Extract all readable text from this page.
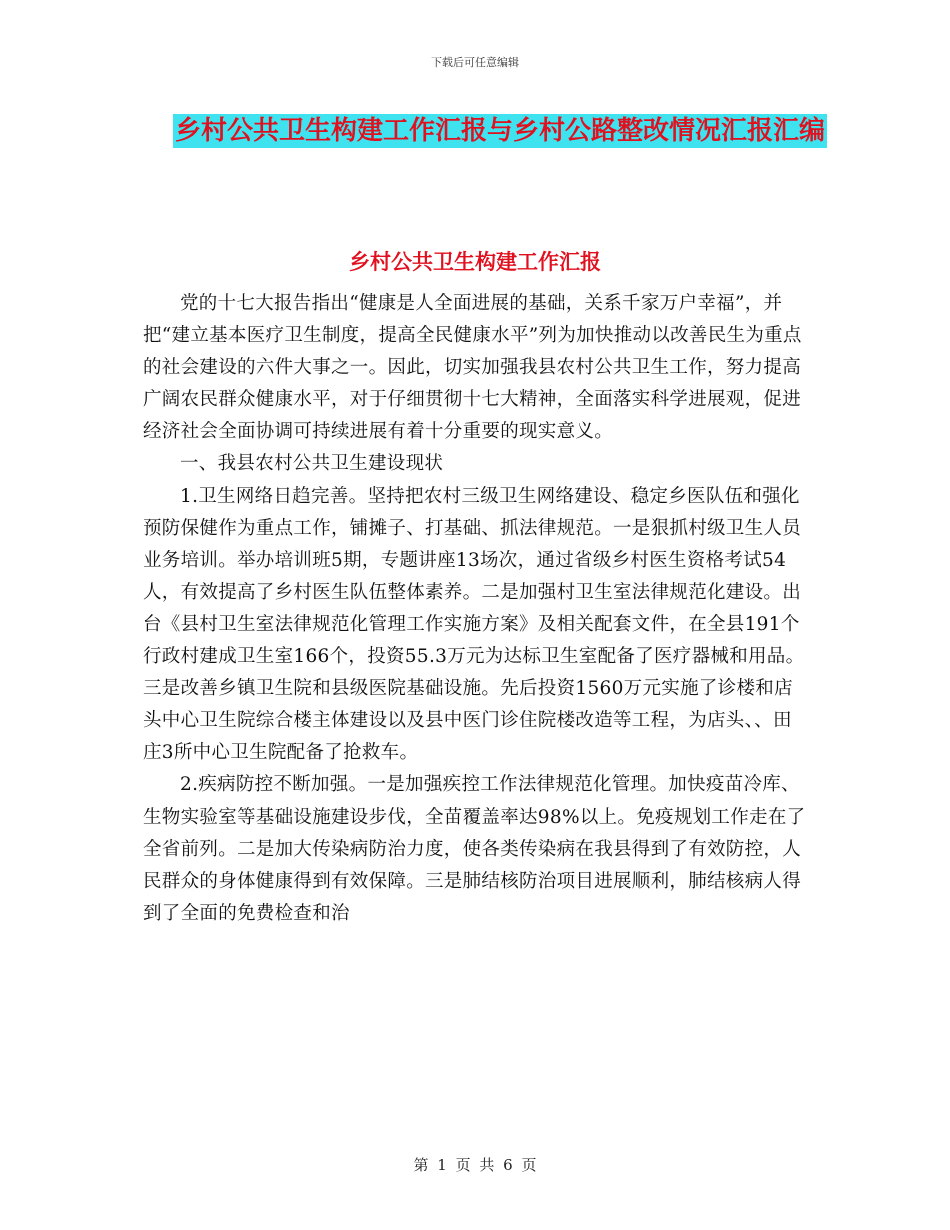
下载后可任意编辑
乡村公共卫生构建工作汇报与乡村公路整改情况汇报汇编
乡村公共卫生构建工作汇报

党的十七大报告指出“健康是人全面进展的基础，关系千家万户幸福”，并把“建立基本医疗卫生制度，提高全民健康水平”列为加快推动以改善民生为重点的社会建设的六件大事之一。因此，切实加强我县农村公共卫生工作，努力提高广阔农民群众健康水平，对于仔细贯彻十七大精神，全面落实科学进展观，促进经济社会全面协调可持续进展有着十分重要的现实意义。

一、我县农村公共卫生建设现状

1.卫生网络日趋完善。坚持把农村三级卫生网络建设、稳定乡医队伍和强化预防保健作为重点工作，铺摊子、打基础、抓法律规范。一是狠抓村级卫生人员业务培训。举办培训班5期，专题讲座13场次，通过省级乡村医生资格考试54人，有效提高了乡村医生队伍整体素养。二是加强村卫生室法律规范化建设。出台《县村卫生室法律规范化管理工作实施方案》及相关配套文件，在全县191个行政村建成卫生室166个，投资55.3万元为达标卫生室配备了医疗器械和用品。三是改善乡镇卫生院和县级医院基础设施。先后投资1560万元实施了诊楼和店头中心卫生院综合楼主体建设以及县中医门诊住院楼改造等工程，为店头、、田庄3所中心卫生院配备了抢救车。

2.疾病防控不断加强。一是加强疾控工作法律规范化管理。加快疫苗冷库、生物实验室等基础设施建设步伐，全苗覆盖率达98%以上。免疫规划工作走在了全省前列。二是加大传染病防治力度，使各类传染病在我县得到了有效防控，人民群众的身体健康得到有效保障。三是肺结核防治项目进展顺利，肺结核病人得到了全面的免费检查和治

第 1 页 共 6 页
